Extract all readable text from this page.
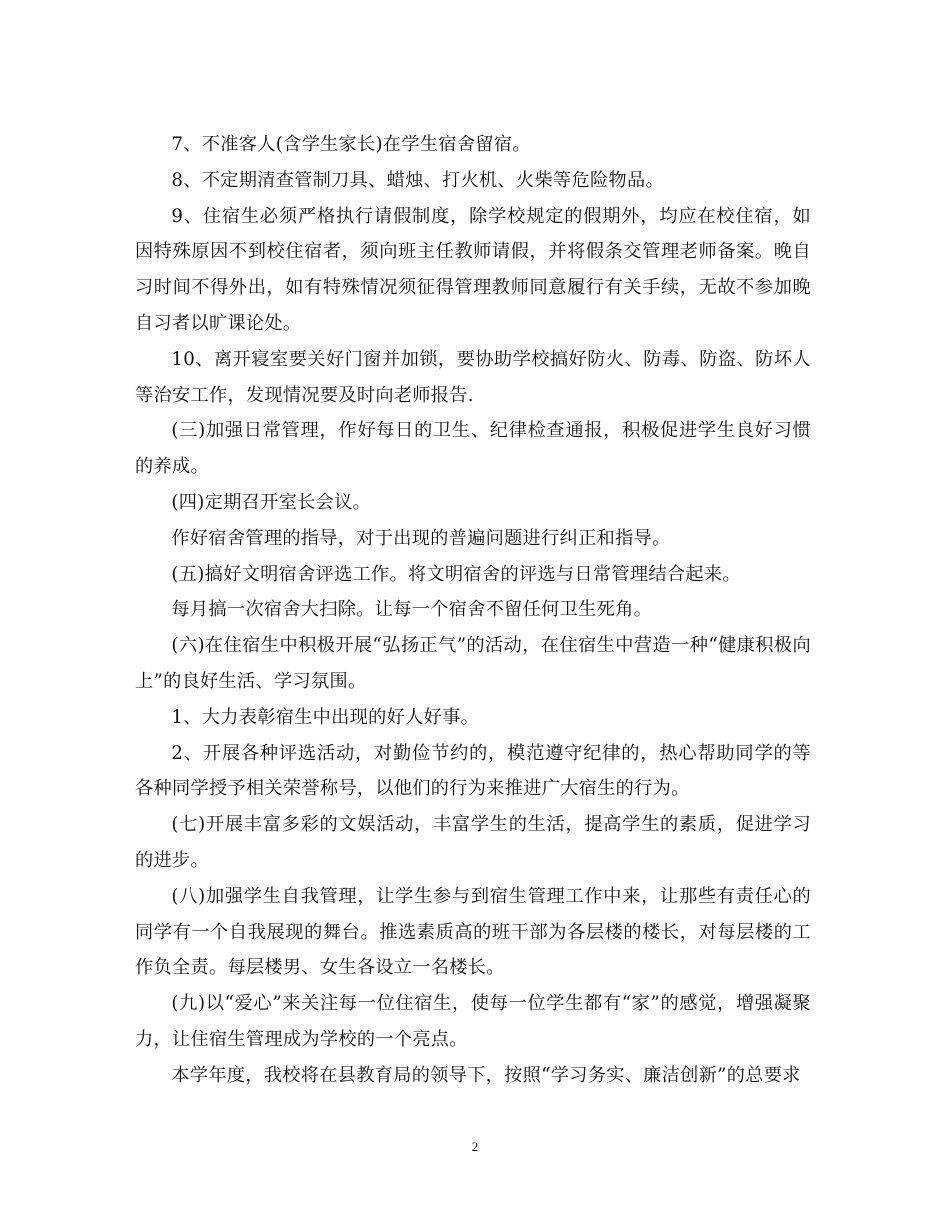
7、不准客人(含学生家长)在学生宿舍留宿。

8、不定期清查管制刀具、蜡烛、打火机、火柴等危险物品。

9、住宿生必须严格执行请假制度，除学校规定的假期外，均应在校住宿，如因特殊原因不到校住宿者，须向班主任教师请假，并将假条交管理老师备案。晚自习时间不得外出，如有特殊情况须征得管理教师同意履行有关手续，无故不参加晚自习者以旷课论处。

10、离开寝室要关好门窗并加锁，要协助学校搞好防火、防毒、防盗、防坏人等治安工作，发现情况要及时向老师报告.

(三)加强日常管理，作好每日的卫生、纪律检查通报，积极促进学生良好习惯的养成。

(四)定期召开室长会议。

作好宿舍管理的指导，对于出现的普遍问题进行纠正和指导。

(五)搞好文明宿舍评选工作。将文明宿舍的评选与日常管理结合起来。

每月搞一次宿舍大扫除。让每一个宿舍不留任何卫生死角。

(六)在住宿生中积极开展“弘扬正气”的活动，在住宿生中营造一种“健康积极向上”的良好生活、学习氛围。

1、大力表彰宿生中出现的好人好事。

2、开展各种评选活动，对勤俭节约的，模范遵守纪律的，热心帮助同学的等各种同学授予相关荣誉称号，以他们的行为来推进广大宿生的行为。

(七)开展丰富多彩的文娱活动，丰富学生的生活，提高学生的素质，促进学习的进步。

(八)加强学生自我管理，让学生参与到宿生管理工作中来，让那些有责任心的同学有一个自我展现的舞台。推选素质高的班干部为各层楼的楼长，对每层楼的工作负全责。每层楼男、女生各设立一名楼长。

(九)以“爱心”来关注每一位住宿生，使每一位学生都有“家”的感觉，增强凝聚力，让住宿生管理成为学校的一个亮点。

本学年度，我校将在县教育局的领导下，按照“学习务实、廉洁创新”的总要求

2
